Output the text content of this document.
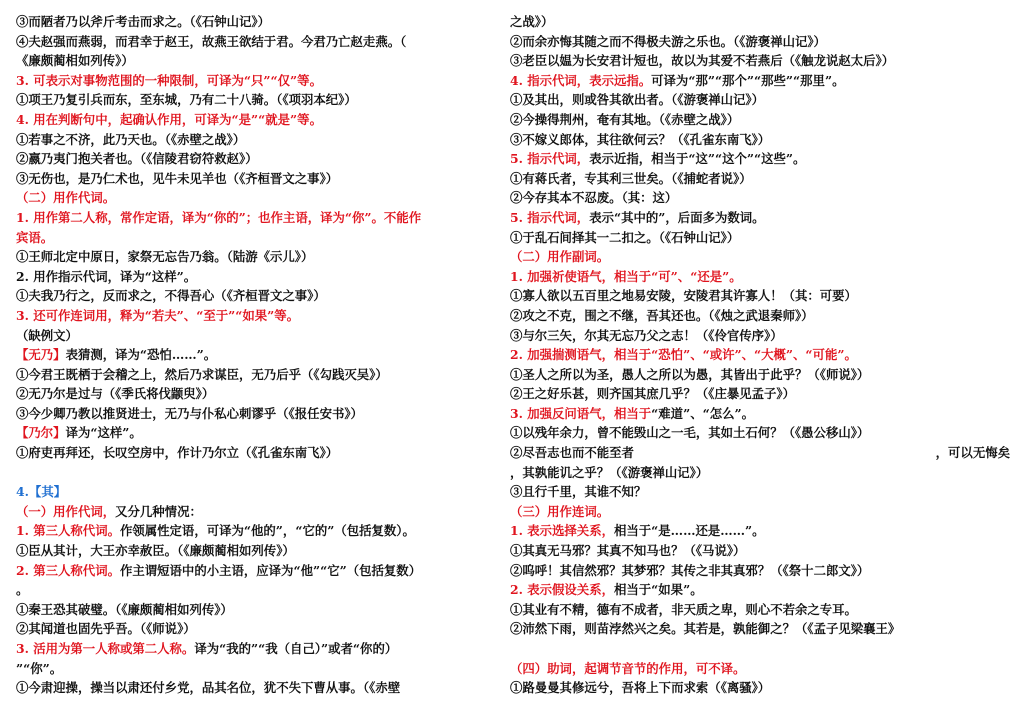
③而陋者乃以斧斤考击而求之。（《石钟山记》）
④夫赵强而燕弱，而君幸于赵王，故燕王欲结于君。今君乃亡赵走燕。（
《廉颇蔺相如列传》）
3. 可表示对事物范围的一种限制，可译为“只”“仅”等。
①项王乃复引兵而东，至东城，乃有二十八骑。（《项羽本纪》）
4. 用在判断句中，起确认作用，可译为“是”“就是”等。
①若事之不济，此乃天也。（《赤壁之战》）
②嬴乃夷门抱关者也。（《信陵君窃符救赵》）
③无伤也，是乃仁术也，见牛未见羊也（《齐桓晋文之事》）
（二）用作代词。
1. 用作第二人称，常作定语，译为“你的”；也作主语，译为“你”。不能作
宾语。
①王师北定中原日，家祭无忘告乃翁。（陆游《示儿》）
2. 用作指示代词，译为“这样”。
①夫我乃行之，反而求之，不得吾心（《齐桓晋文之事》）
3. 还可作连词用，释为“若夫”、“至于”“如果”等。
（缺例文）
【无乃】表猜测，译为“恐怕……”。
①今君王既栖于会稽之上，然后乃求谋臣，无乃后乎（《勾践灭吴》）
②无乃尔是过与（《季氏将伐颛臾》）
③今少卿乃教以推贤进士，无乃与仆私心刺谬乎（《报任安书》）
【乃尔】译为“这样”。
①府吏再拜还，长叹空房中，作计乃尔立（《孔雀东南飞》）
4.【其】
（一）用作代词，又分几种情况：
1. 第三人称代词。作领属性定语，可译为“他的”，“它的”（包括复数）。
①臣从其计，大王亦幸赦臣。（《廉颇蔺相如列传》）
2. 第三人称代词。作主谓短语中的小主语，应译为“他”“它”（包括复数）
。
①秦王恐其破璧。（《廉颇蔺相如列传》）
②其闻道也固先乎吾。（《师说》）
3. 活用为第一人称或第二人称。译为“我的”“我（自己）”或者“你的）
”“你”。
①今肃迎操，操当以肃还付乡党，品其名位，犹不失下曹从事。（《赤壁
之战》）
②而余亦悔其随之而不得极夫游之乐也。（《游褒禅山记》）
③老臣以媪为长安君计短也，故以为其爱不若燕后（《触龙说赵太后》）
4. 指示代词，表示远指。可译为“那”“那个”“那些”“那里”。
①及其出，则或咎其欲出者。（《游褒禅山记》）
②今操得荆州，奄有其地。（《赤壁之战》）
③不嫁义郎体，其往欲何云？（《孔雀东南飞》）
5. 指示代词，表示近指，相当于“这”“这个”“这些”。
①有蒋氏者，专其利三世矣。（《捕蛇者说》）
②今存其本不忍废。（其：这）
5. 指示代词，表示“其中的”，后面多为数词。
①于乱石间择其一二扣之。（《石钟山记》）
（二）用作副词。
1. 加强祈使语气，相当于“可”、“还是”。
①寡人欲以五百里之地易安陵，安陵君其许寡人！（其：可要）
②攻之不克，围之不继，吾其还也。（《烛之武退秦师》）
③与尔三矢，尔其无忘乃父之志！（《伶官传序》）
2. 加强揣测语气，相当于“恐怕”、“或许”、“大概”、“可能”。
①圣人之所以为圣，愚人之所以为愚，其皆出于此乎？（《师说》）
②王之好乐甚，则齐国其庶几乎？（《庄暴见孟子》）
3. 加强反问语气，相当于“难道”、“怎么”。
①以残年余力，曾不能毁山之一毛，其如土石何？（《愚公移山》）
②尽吾志也而不能至者	，可以无悔矣
，其孰能讥之乎？（《游褒禅山记》）
③且行千里，其谁不知？
（三）用作连词。
1. 表示选择关系，相当于“是……还是……”。
①其真无马邪？其真不知马也？（《马说》）
②呜呼！其信然邪？其梦邪？其传之非其真邪？（《祭十二郎文》）
2. 表示假设关系，相当于“如果”。
①其业有不精，德有不成者，非天质之卑，则心不若余之专耳。
②沛然下雨，则苗浡然兴之矣。其若是，孰能御之？（《孟子见梁襄王》
（四）助词，起调节音节的作用，可不译。
①路曼曼其修远兮，吾将上下而求索（《离骚》）
